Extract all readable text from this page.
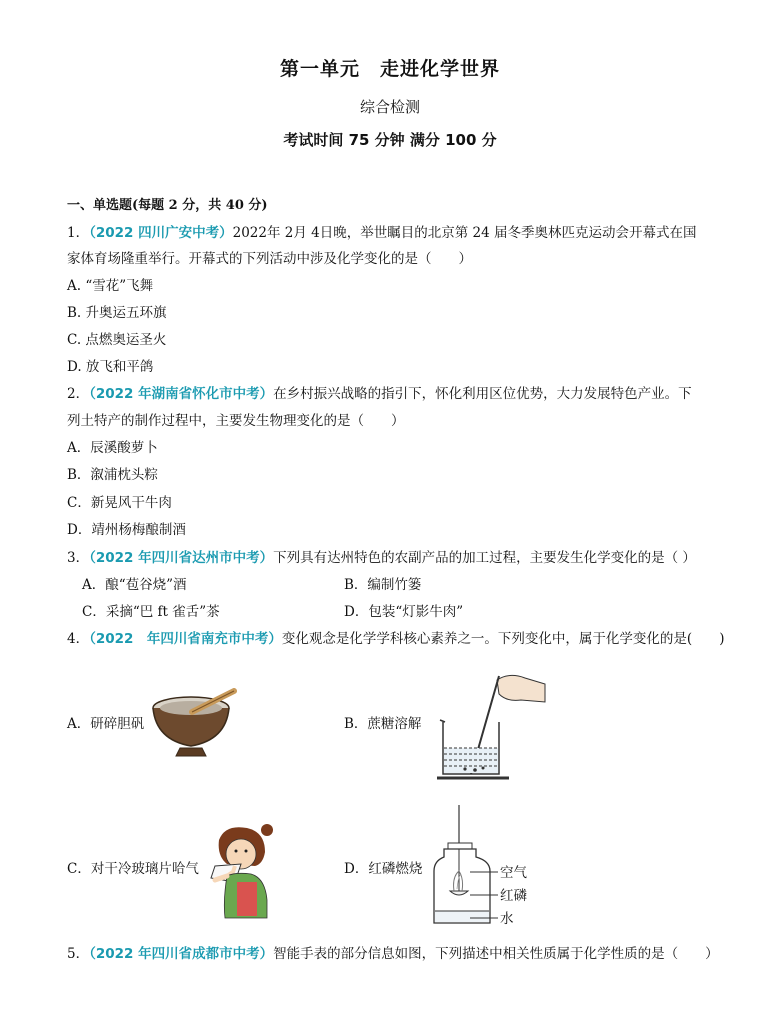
第一单元　走进化学世界
综合检测
考试时间 75 分钟 满分 100 分
一、单选题(每题 2 分，共 40 分)
1．（2022 四川广安中考）2022年 2月 4日晚，举世瞩目的北京第 24 届冬季奥林匹克运动会开幕式在国
家体育场隆重举行。开幕式的下列活动中涉及化学变化的是（　　）
A. “雪花”飞舞
B. 升奥运五环旗
C. 点燃奥运圣火
D. 放飞和平鸽
2．（2022 年湖南省怀化市中考）在乡村振兴战略的指引下，怀化利用区位优势，大力发展特色产业。下
列土特产的制作过程中，主要发生物理变化的是（　　）
A．辰溪酸萝卜
B．溆浦枕头粽
C．新晃风干牛肉
D．靖州杨梅酿制酒
3．（2022 年四川省达州市中考）下列具有达州特色的农副产品的加工过程，主要发生化学变化的是（ ）
A．酿“苞谷烧”酒	B．编制竹篓
C．采摘“巴 ft 雀舌”茶	D．包装“灯影牛肉”
4．（2022　年四川省南充市中考）变化观念是化学学科核心素养之一。下列变化中，属于化学变化的是(　　)
A．研碎胆矾	B．蔗糖溶解
C．对干冷玻璃片哈气	D．红磷燃烧	空气
红磷
水
5．（2022 年四川省成都市中考）智能手表的部分信息如图，下列描述中相关性质属于化学性质的是（　　）
